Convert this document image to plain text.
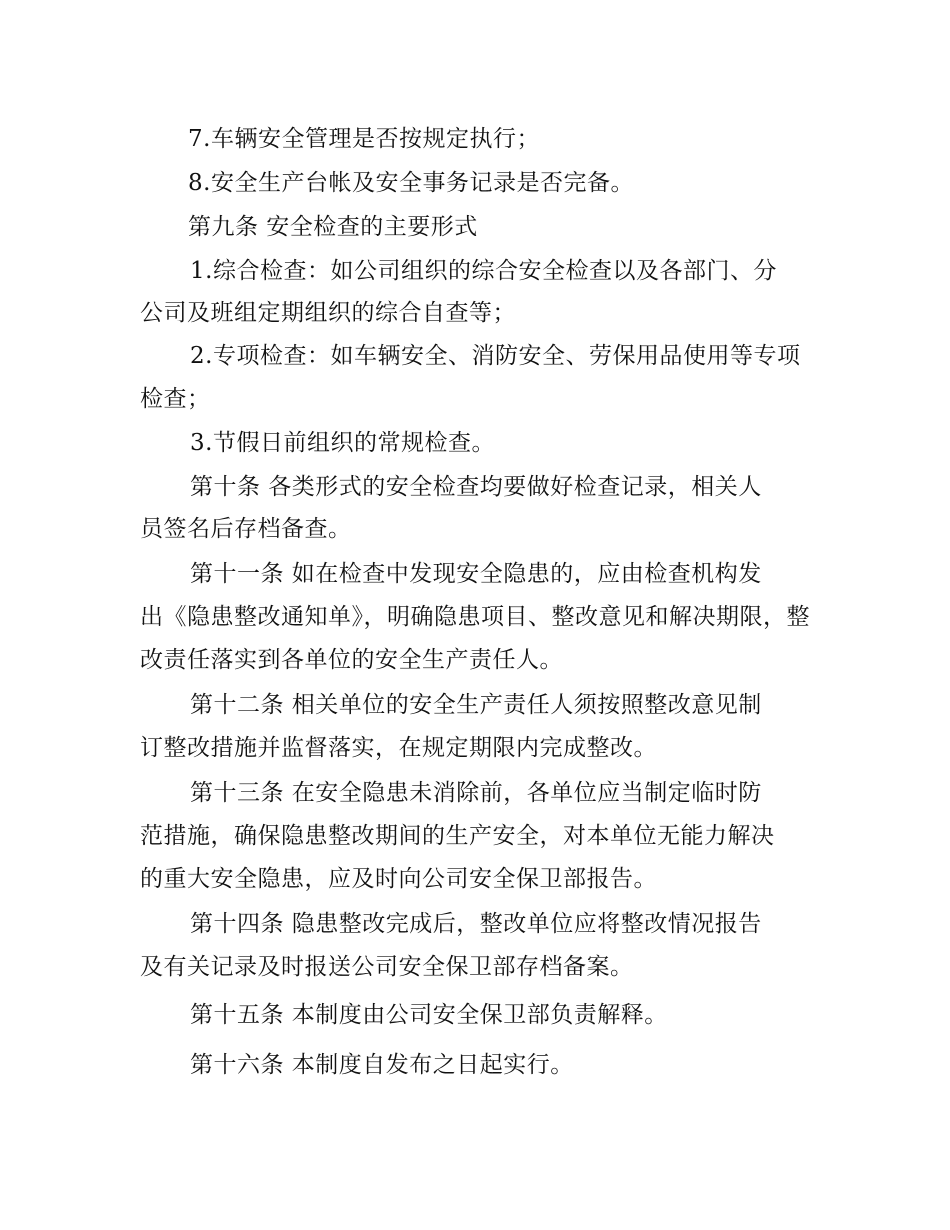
7.车辆安全管理是否按规定执行；
8.安全生产台帐及安全事务记录是否完备。
第九条 安全检查的主要形式
1.综合检查：如公司组织的综合安全检查以及各部门、分
公司及班组定期组织的综合自查等；
2.专项检查：如车辆安全、消防安全、劳保用品使用等专项
检查；
3.节假日前组织的常规检查。
第十条 各类形式的安全检查均要做好检查记录，相关人
员签名后存档备查。
第十一条 如在检查中发现安全隐患的，应由检查机构发
出《隐患整改通知单》，明确隐患项目、整改意见和解决期限，整
改责任落实到各单位的安全生产责任人。
第十二条 相关单位的安全生产责任人须按照整改意见制
订整改措施并监督落实，在规定期限内完成整改。
第十三条 在安全隐患未消除前，各单位应当制定临时防
范措施，确保隐患整改期间的生产安全，对本单位无能力解决
的重大安全隐患，应及时向公司安全保卫部报告。
第十四条 隐患整改完成后，整改单位应将整改情况报告
及有关记录及时报送公司安全保卫部存档备案。
第十五条 本制度由公司安全保卫部负责解释。
第十六条 本制度自发布之日起实行。
